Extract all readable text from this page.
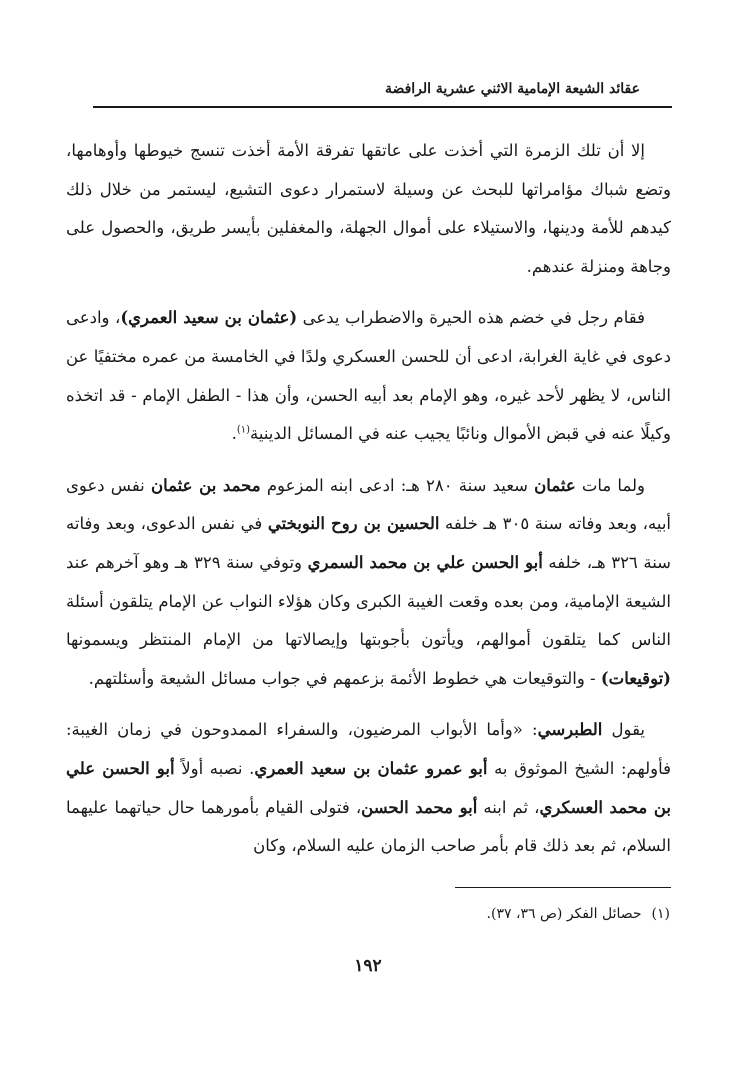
عقائد الشيعة الإمامية الاثني عشرية الرافضة

إلا أن تلك الزمرة التي أخذت على عاتقها تفرقة الأمة أخذت تنسج خيوطها وأوهامها، وتضع شباك مؤامراتها للبحث عن وسيلة لاستمرار دعوى التشيع، ليستمر من خلال ذلك كيدهم للأمة ودينها، والاستيلاء على أموال الجهلة، والمغفلين بأيسر طريق، والحصول على وجاهة ومنزلة عندهم.

فقام رجل في خضم هذه الحيرة والاضطراب يدعى (عثمان بن سعيد العمري)، وادعى دعوى في غاية الغرابة، ادعى أن للحسن العسكري ولدًا في الخامسة من عمره مختفيًا عن الناس، لا يظهر لأحد غيره، وهو الإمام بعد أبيه الحسن، وأن هذا - الطفل الإمام - قد اتخذه وكيلًا عنه في قبض الأموال ونائبًا يجيب عنه في المسائل الدينية$^{(١)}$.

ولما مات عثمان سعيد سنة ٢٨٠ هـ: ادعى ابنه المزعوم محمد بن عثمان نفس دعوى أبيه، وبعد وفاته سنة ٣٠٥ هـ خلفه الحسين بن روح النوبختي في نفس الدعوى، وبعد وفاته سنة ٣٢٦ هـ، خلفه أبو الحسن علي بن محمد السمري وتوفي سنة ٣٢٩ هـ وهو آخرهم عند الشيعة الإمامية، ومن بعده وقعت الغيبة الكبرى وكان هؤلاء النواب عن الإمام يتلقون أسئلة الناس كما يتلقون أموالهم، ويأتون بأجوبتها وإيصالاتها من الإمام المنتظر ويسمونها (توقيعات) - والتوقيعات هي خطوط الأئمة بزعمهم في جواب مسائل الشيعة وأسئلتهم.

يقول الطبرسي: «وأما الأبواب المرضيون، والسفراء الممدوحون في زمان الغيبة: فأولهم: الشيخ الموثوق به أبو عمرو عثمان بن سعيد العمري. نصبه أولاً أبو الحسن علي بن محمد العسكري، ثم ابنه أبو محمد الحسن، فتولى القيام بأمورهما حال حياتهما عليهما السلام، ثم بعد ذلك قام بأمر صاحب الزمان عليه السلام، وكان

(١)حصائل الفكر (ص ٣٦، ٣٧).
١٩٢
